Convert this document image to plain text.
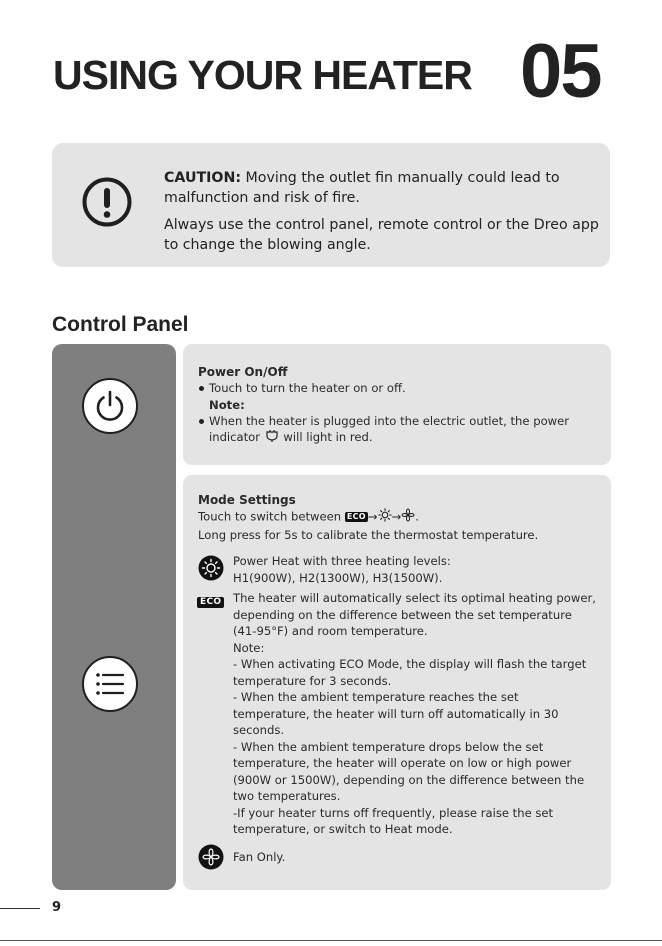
USING YOUR HEATER 05

CAUTION: Moving the outlet fin manually could lead to malfunction and risk of fire.

Always use the control panel, remote control or the Dreo app to change the blowing angle.

Control Panel
Power On/Off
Touch to turn the heater on or off.
Note:
When the heater is plugged into the electric outlet, the power indicator will light in red.
Mode Settings
Touch to switch between ECO → → .
Long press for 5s to calibrate the thermostat temperature.
Power Heat with three heating levels:
H1(900W), H2(1300W), H3(1500W).
ECO The heater will automatically select its optimal heating power,
depending on the difference between the set temperature
(41-95°F) and room temperature.
Note:
- When activating ECO Mode, the display will flash the target
temperature for 3 seconds.
- When the ambient temperature reaches the set
temperature, the heater will turn off automatically in 30
seconds.
- When the ambient temperature drops below the set
temperature, the heater will operate on low or high power
(900W or 1500W), depending on the difference between the
two temperatures.
-If your heater turns off frequently, please raise the set
temperature, or switch to Heat mode.
Fan Only.
9
